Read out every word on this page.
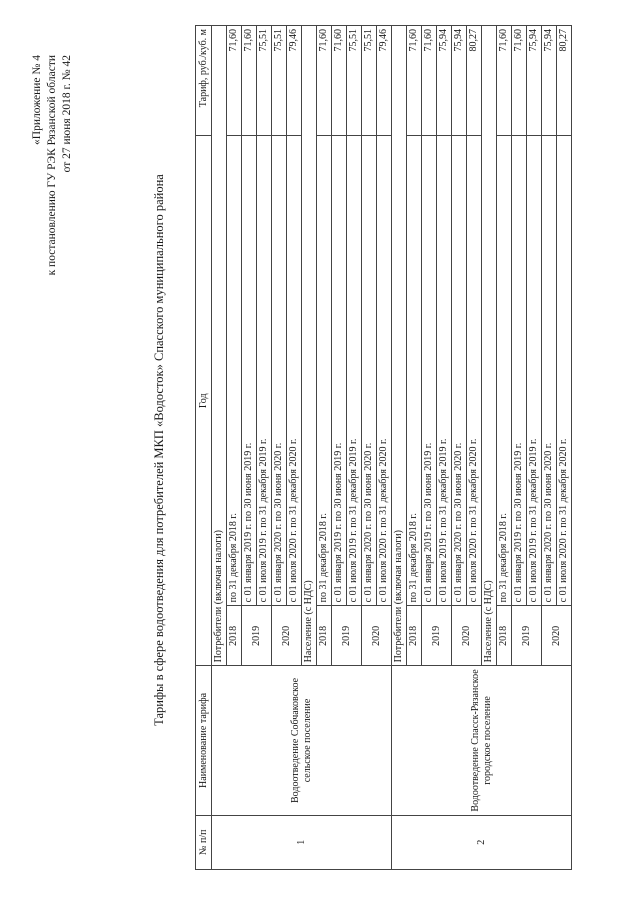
«Приложение № 4 к постановлению ГУ РЭК Рязанской области от 27 июня 2018 г. № 42
Тарифы в сфере водоотведения для потребителей МКП «Водосток» Спасского муниципального района
№ п/п	Наименование тарифа	Год		Тариф, руб./куб. м
1	Водоотведение Собчаковское сельское поселение	Потребители (включая налоги)		
		2018	по 31 декабря 2018 г.	71,60
		2019	с 01 января 2019 г. по 30 июня 2019 г.	71,60
			с 01 июля 2019 г. по 31 декабря 2019 г.	75,51
		2020	с 01 января 2020 г. по 30 июня 2020 г.	75,51
			с 01 июля 2020 г. по 31 декабря 2020 г.	79,46
		Население (с НДС)		
		2018	по 31 декабря 2018 г.	71,60
		2019	с 01 января 2019 г. по 30 июня 2019 г.	71,60
			с 01 июля 2019 г. по 31 декабря 2019 г.	75,51
		2020	с 01 января 2020 г. по 30 июня 2020 г.	75,51
			с 01 июля 2020 г. по 31 декабря 2020 г.	79,46
2	Водоотведение Спасск-Рязанское городское поселение	Потребители (включая налоги)		
		2018	по 31 декабря 2018 г.	71,60
		2019	с 01 января 2019 г. по 30 июня 2019 г.	71,60
			с 01 июля 2019 г. по 31 декабря 2019 г.	75,94
		2020	с 01 января 2020 г. по 30 июня 2020 г.	75,94
			с 01 июля 2020 г. по 31 декабря 2020 г.	80,27
		Население (с НДС)		
		2018	по 31 декабря 2018 г.	71,60
		2019	с 01 января 2019 г. по 30 июня 2019 г.	71,60
			с 01 июля 2019 г. по 31 декабря 2019 г.	75,94
		2020	с 01 января 2020 г. по 30 июня 2020 г.	75,94
			с 01 июля 2020 г. по 31 декабря 2020 г.	80,27
